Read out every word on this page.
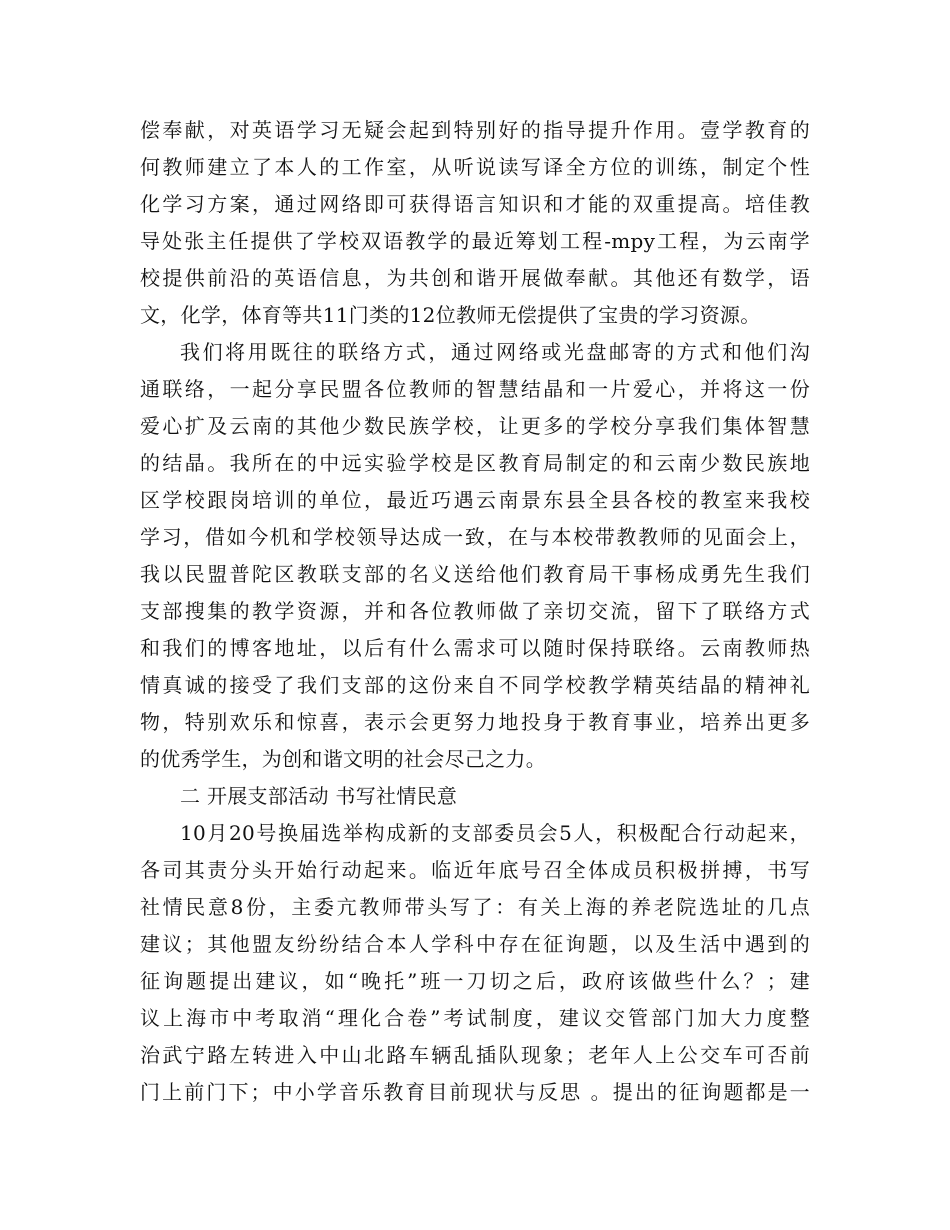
偿奉献，对英语学习无疑会起到特别好的指导提升作用。壹学教育的
何教师建立了本人的工作室，从听说读写译全方位的训练，制定个性
化学习方案，通过网络即可获得语言知识和才能的双重提高。培佳教
导处张主任提供了学校双语教学的最近筹划工程-mpy工程，为云南学
校提供前沿的英语信息，为共创和谐开展做奉献。其他还有数学，语
文，化学，体育等共11门类的12位教师无偿提供了宝贵的学习资源。
我们将用既往的联络方式，通过网络或光盘邮寄的方式和他们沟
通联络，一起分享民盟各位教师的智慧结晶和一片爱心，并将这一份
爱心扩及云南的其他少数民族学校，让更多的学校分享我们集体智慧
的结晶。我所在的中远实验学校是区教育局制定的和云南少数民族地
区学校跟岗培训的单位，最近巧遇云南景东县全县各校的教室来我校
学习，借如今机和学校领导达成一致，在与本校带教教师的见面会上，
我以民盟普陀区教联支部的名义送给他们教育局干事杨成勇先生我们
支部搜集的教学资源，并和各位教师做了亲切交流，留下了联络方式
和我们的博客地址，以后有什么需求可以随时保持联络。云南教师热
情真诚的接受了我们支部的这份来自不同学校教学精英结晶的精神礼
物，特别欢乐和惊喜，表示会更努力地投身于教育事业，培养出更多
的优秀学生，为创和谐文明的社会尽己之力。
二 开展支部活动 书写社情民意
10月20号换届选举构成新的支部委员会5人，积极配合行动起来，
各司其责分头开始行动起来。临近年底号召全体成员积极拼搏，书写
社情民意8份，主委亢教师带头写了：有关上海的养老院选址的几点
建议；其他盟友纷纷结合本人学科中存在征询题，以及生活中遇到的
征询题提出建议，如“晚托”班一刀切之后，政府该做些什么？；建
议上海市中考取消“理化合卷”考试制度，建议交管部门加大力度整
治武宁路左转进入中山北路车辆乱插队现象；老年人上公交车可否前
门上前门下；中小学音乐教育目前现状与反思 。提出的征询题都是一
